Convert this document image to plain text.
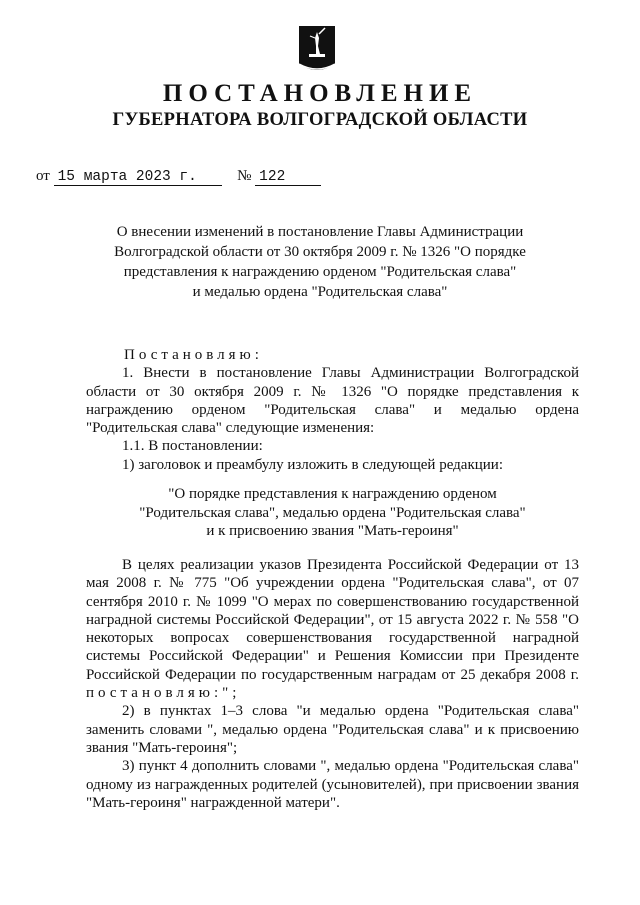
ПОСТАНОВЛЕНИЕ
ГУБЕРНАТОРА ВОЛГОГРАДСКОЙ ОБЛАСТИ
от 15 марта 2023 г.	№ 122
О внесении изменений в постановление Главы Администрации
Волгоградской области от 30 октября 2009 г. № 1326 "О порядке
представления к награждению орденом "Родительская слава"
и медалью ордена "Родительская слава"

Постановляю:

1. Внести в постановление Главы Администрации Волгоградской области от 30 октября 2009 г. № 1326 "О порядке представления к награждению орденом "Родительская слава" и медалью ордена "Родительская слава" следующие изменения:

1.1. В постановлении:

1) заголовок и преамбулу изложить в следующей редакции:

"О порядке представления к награждению орденом
"Родительская слава", медалью ордена "Родительская слава"
и к присвоению звания "Мать-героиня"

В целях реализации указов Президента Российской Федерации от 13 мая 2008 г. № 775 "Об учреждении ордена "Родительская слава", от 07 сентября 2010 г. № 1099 "О мерах по совершенствованию государственной наградной системы Российской Федерации", от 15 августа 2022 г. № 558 "О некоторых вопросах совершенствования государственной наградной системы Российской Федерации" и Решения Комиссии при Президенте Российской Федерации по государственным наградам от 25 декабря 2008 г. постановляю:";

2) в пунктах 1–3 слова "и медалью ордена "Родительская слава" заменить словами ", медалью ордена "Родительская слава" и к присвоению звания "Мать-героиня";

3) пункт 4 дополнить словами ", медалью ордена "Родительская слава" одному из награжденных родителей (усыновителей), при присвоении звания "Мать-героиня" награжденной матери".
